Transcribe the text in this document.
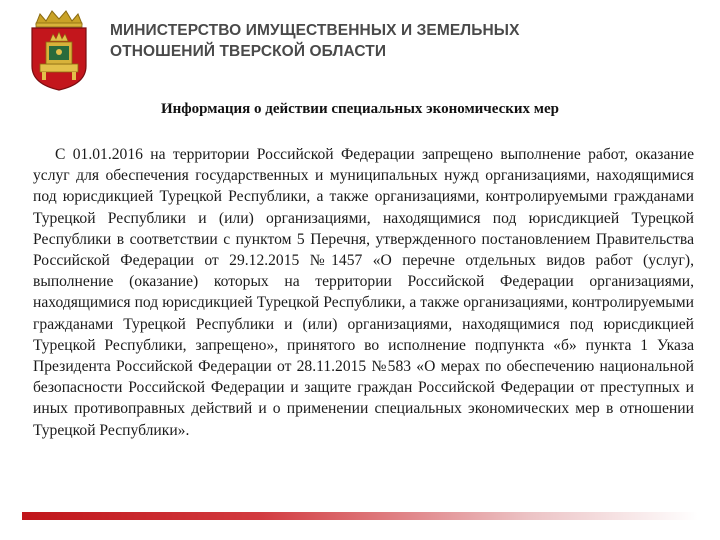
МИНИСТЕРСТВО ИМУЩЕСТВЕННЫХ И ЗЕМЕЛЬНЫХ
ОТНОШЕНИЙ ТВЕРСКОЙ ОБЛАСТИ
Информация о действии специальных экономических мер
С 01.01.2016 на территории Российской Федерации запрещено выполнение работ, оказание услуг для обеспечения государственных и муниципальных нужд организациями, находящимися под юрисдикцией Турецкой Республики, а также организациями, контролируемыми гражданами Турецкой Республики и (или) организациями, находящимися под юрисдикцией Турецкой Республики в соответствии с пунктом 5 Перечня, утвержденного постановлением Правительства Российской Федерации от 29.12.2015 №1457 «О перечне отдельных видов работ (услуг), выполнение (оказание) которых на территории Российской Федерации организациями, находящимися под юрисдикцией Турецкой Республики, а также организациями, контролируемыми гражданами Турецкой Республики и (или) организациями, находящимися под юрисдикцией Турецкой Республики, запрещено», принятого во исполнение подпункта «б» пункта 1 Указа Президента Российской Федерации от 28.11.2015 №583 «О мерах по обеспечению национальной безопасности Российской Федерации и защите граждан Российской Федерации от преступных и иных противоправных действий и о применении специальных экономических мер в отношении Турецкой Республики».
